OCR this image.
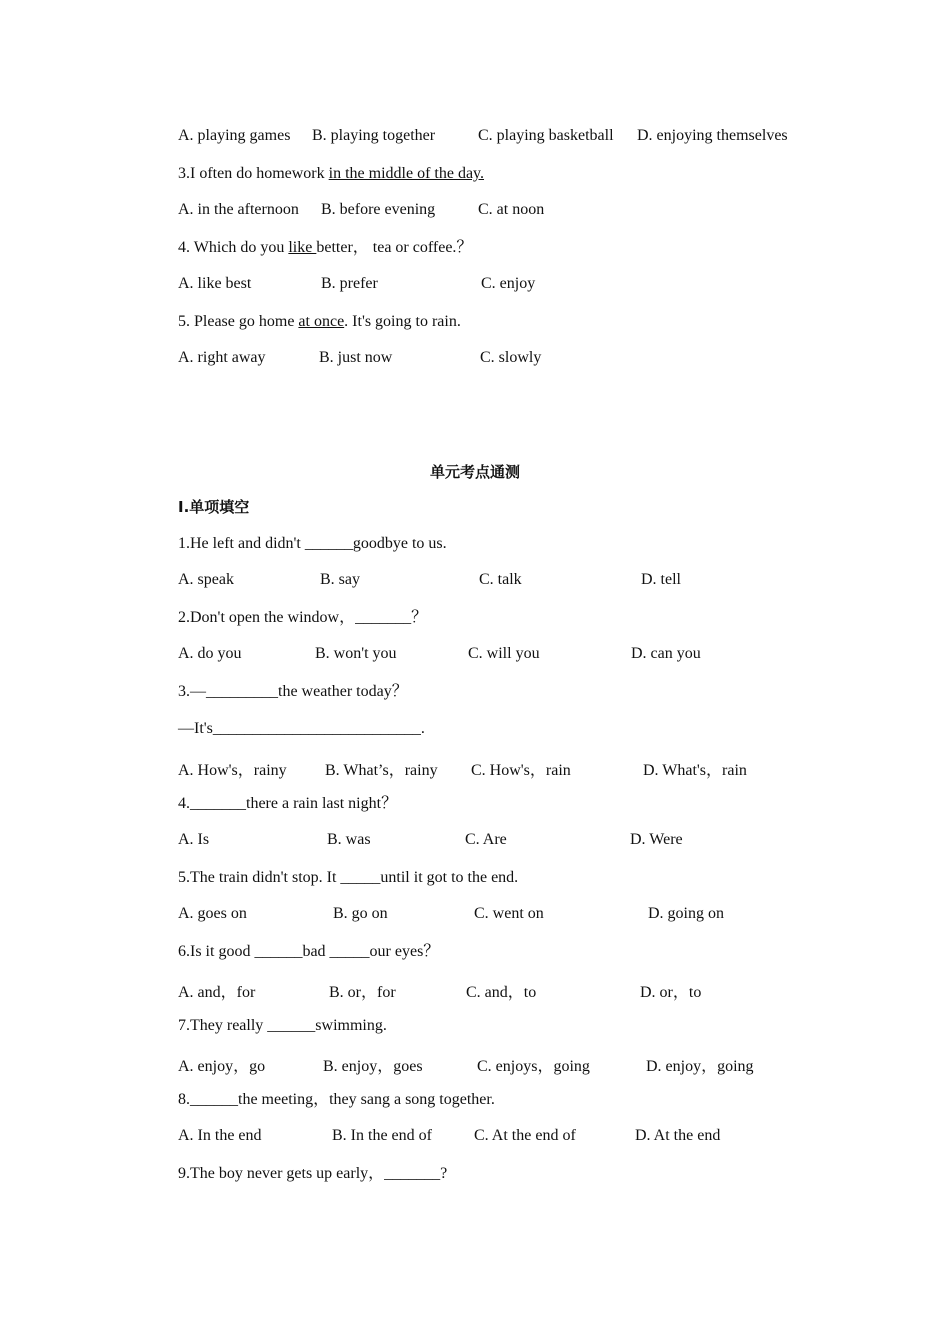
A. playing games B. playing together	C. playing basketball D. enjoying themselves
3.I often do homework in the middle of the day.
A. in the afternoon B. before evening	C. at noon
4. Which do you like better， tea or coffee.？
A. like best	B. prefer	C. enjoy
5. Please go home at once. It's going to rain.
A. right away	B. just now	C. slowly
单元考点通测
I.单项填空
1.He left and didn't ______goodbye to us.
A. speak	B. say	C. talk	D. tell
2.Don't open the window，_______？
A. do you	B. won't you	C. will you	D. can you
3.—_________the weather today？
—It's__________________________.
A. How's，rainy B. What’s，rainy C. How's，rain	D. What's，rain
4._______there a rain last night？
A. Is	B. was	C. Are	D. Were
5.The train didn't stop. It _____until it got to the end.
A. goes on	B. go on	C. went on	D. going on
6.Is it good ______bad _____our eyes？
A. and，for	B. or，for	C. and，to	D. or，to
7.They really ______swimming.
A. enjoy，go	B. enjoy，goes	C. enjoys，going	D. enjoy，going
8.______the meeting，they sang a song together.
A. In the end	B. In the end of	C. At the end of	D. At the end
9.The boy never gets up early，_______?
